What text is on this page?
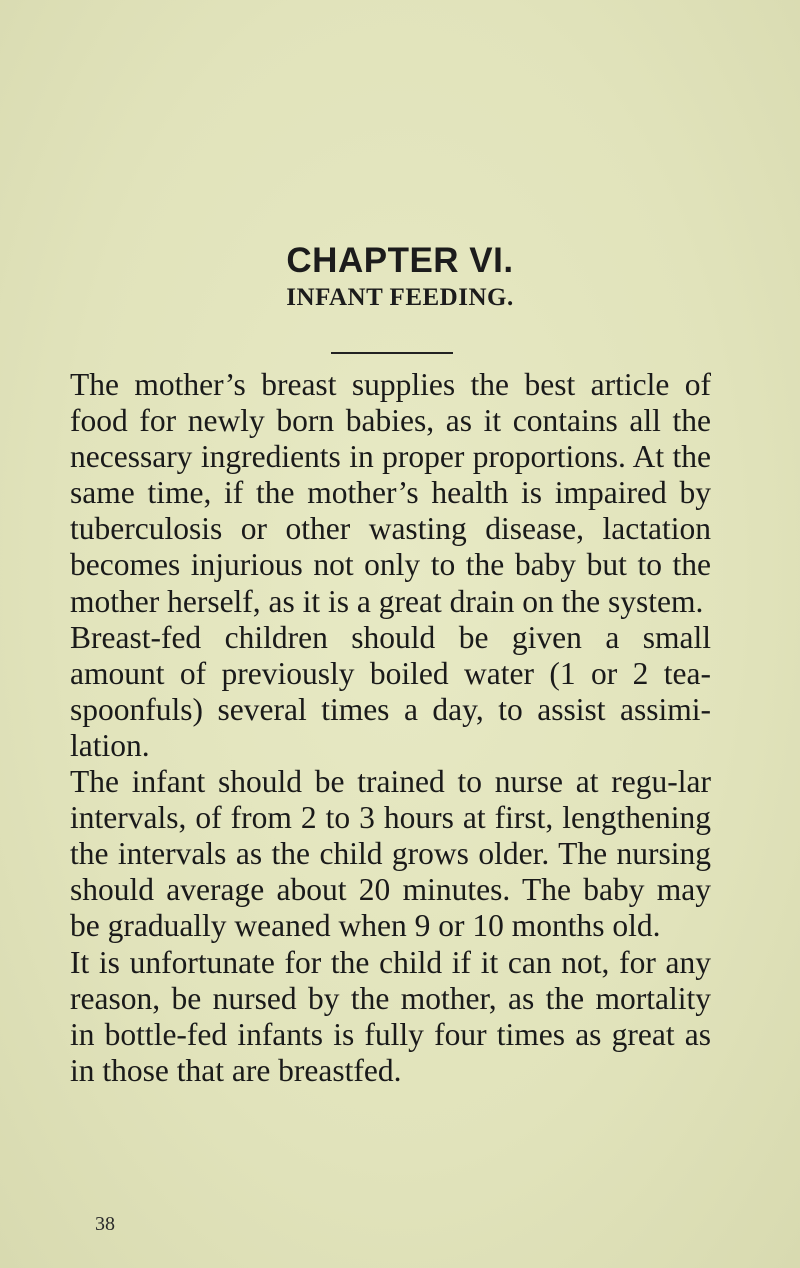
CHAPTER VI.
INFANT FEEDING.

The mother’s breast supplies the best article of food for newly born babies, as it contains all the necessary ingredients in proper proportions. At the same time, if the mother’s health is impaired by tuberculosis or other wasting disease, lactation becomes injurious not only to the baby but to the mother herself, as it is a great drain on the system.

Breast-fed children should be given a small amount of previously boiled water (1 or 2 tea-spoonfuls) several times a day, to assist assimi-lation.

The infant should be trained to nurse at regu-lar intervals, of from 2 to 3 hours at first, lengthening the intervals as the child grows older. The nursing should average about 20 minutes. The baby may be gradually weaned when 9 or 10 months old.

It is unfortunate for the child if it can not, for any reason, be nursed by the mother, as the mortality in bottle-fed infants is fully four times as great as in those that are breastfed.

38
